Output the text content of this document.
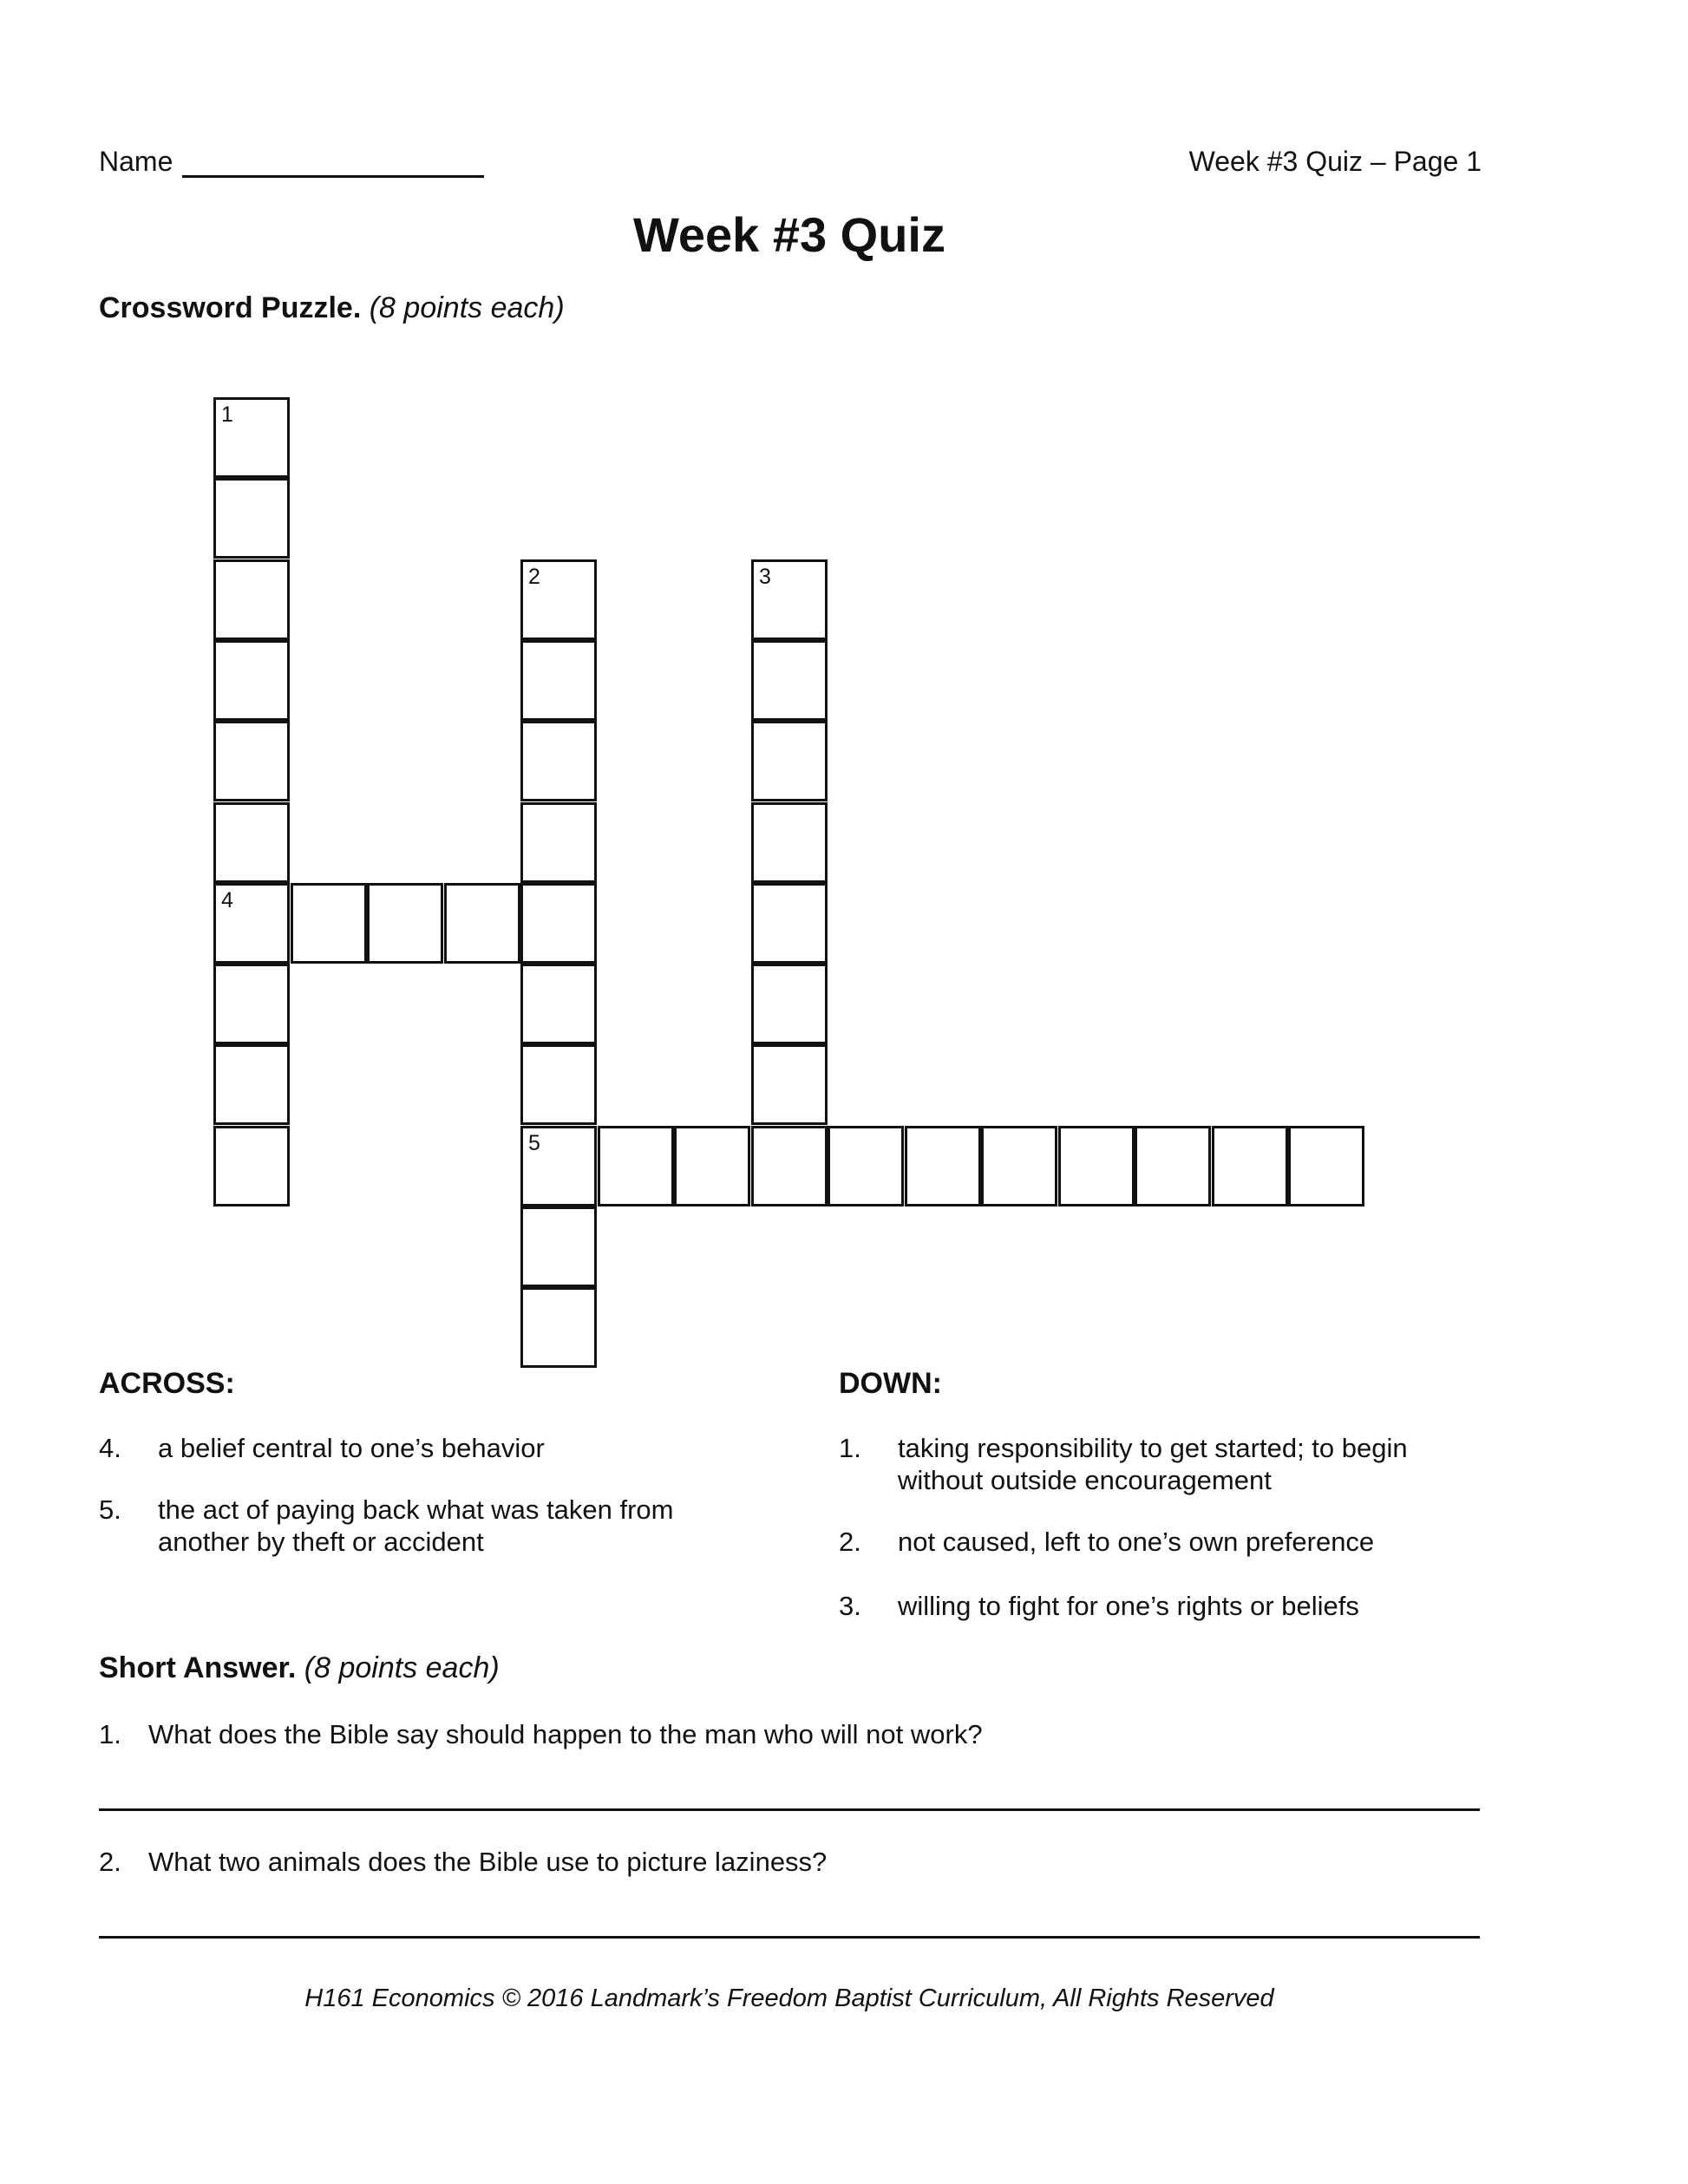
Name	Week #3 Quiz – Page 1
Week #3 Quiz
Crossword Puzzle. (8 points each)
1
4
2
5
3
ACROSS:
4. a belief central to one’s behavior
5. the act of paying back what was taken from another by theft or accident
DOWN:
1. taking responsibility to get started; to begin without outside encouragement
2. not caused, left to one’s own preference
3. willing to fight for one’s rights or beliefs
Short Answer. (8 points each)
1. What does the Bible say should happen to the man who will not work?
2. What two animals does the Bible use to picture laziness?
H161 Economics © 2016 Landmark’s Freedom Baptist Curriculum, All Rights Reserved
